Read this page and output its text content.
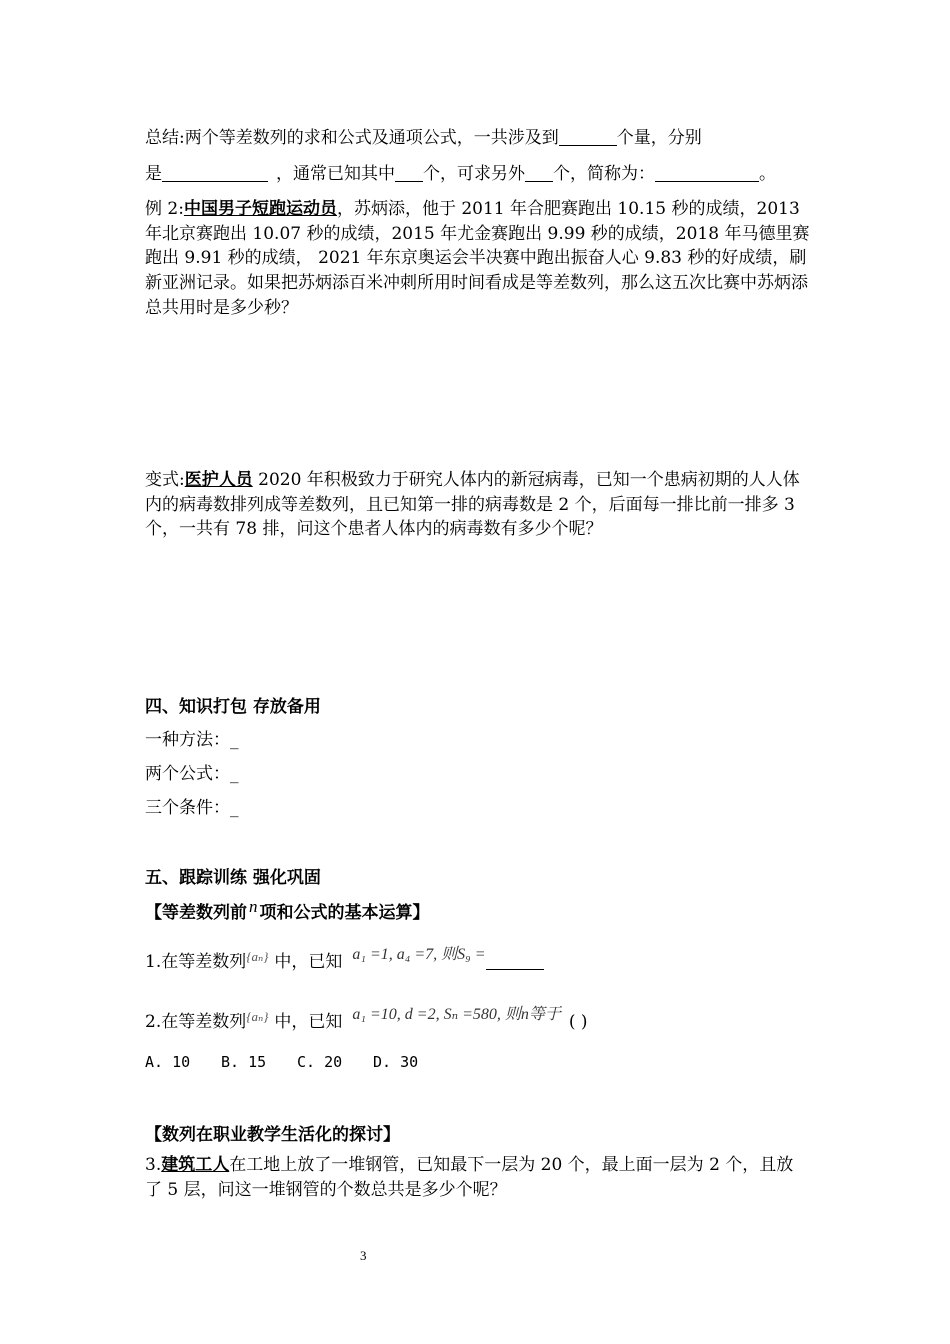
总结:两个等差数列的求和公式及通项公式，一共涉及到	个量，分别
是	，通常已知其中 个，可求另外 个，简称为：	。
例 2:中国男子短跑运动员，苏炳添，他于 2011 年合肥赛跑出 10.15 秒的成绩，2013 年北京赛跑出 10.07 秒的成绩，2015 年尤金赛跑出 9.99 秒的成绩，2018 年马德里赛跑出 9.91 秒的成绩， 2021 年东京奥运会半决赛中跑出振奋人心 9.83 秒的好成绩，刷新亚洲记录。如果把苏炳添百米冲刺所用时间看成是等差数列，那么这五次比赛中苏炳添总共用时是多少秒？
变式:医护人员 2020 年积极致力于研究人体内的新冠病毒，已知一个患病初期的人人体内的病毒数排列成等差数列，且已知第一排的病毒数是 2 个，后面每一排比前一排多 3 个，一共有 78 排，问这个患者人体内的病毒数有多少个呢？
四、知识打包 存放备用
一种方法：_
两个公式：_
三个条件：_
五、跟踪训练 强化巩固
【等差数列前 n 项和公式的基本运算】
1.在等差数列$^{\{a_n\}}$ 中，已知 a₁ =1, a₄ =7, 则S₉ =
2.在等差数列$^{\{a_n\}}$ 中，已知 a₁ =10, d =2, Sₙ =580, 则n等于 ( )
A. 10 B. 15 C. 20 D. 30
【数列在职业教学生活化的探讨】
3.建筑工人在工地上放了一堆钢管，已知最下一层为 20 个，最上面一层为 2 个，且放了 5 层，问这一堆钢管的个数总共是多少个呢？
3
